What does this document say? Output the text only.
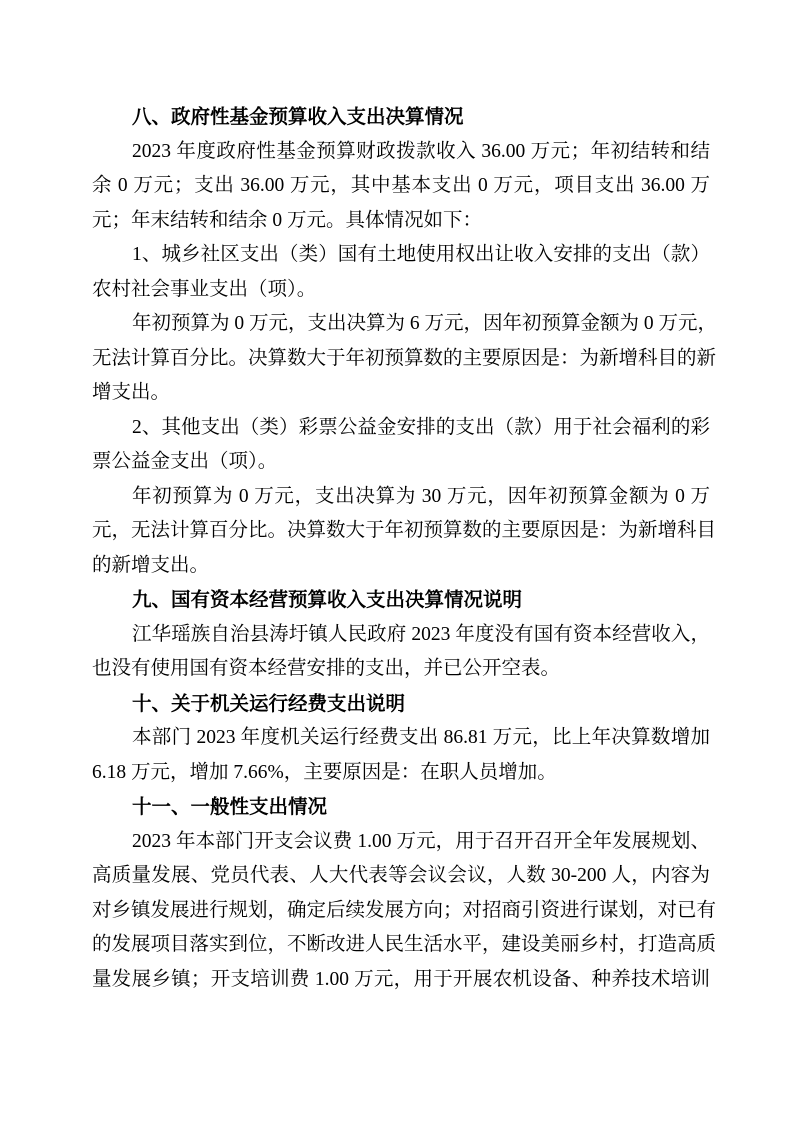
八、政府性基金预算收入支出决算情况
2023 年度政府性基金预算财政拨款收入 36.00 万元；年初结转和结
余 0 万元；支出 36.00 万元，其中基本支出 0 万元，项目支出 36.00 万
元；年末结转和结余 0 万元。具体情况如下：
1、城乡社区支出（类）国有土地使用权出让收入安排的支出（款）
农村社会事业支出（项）。
年初预算为 0 万元，支出决算为 6 万元，因年初预算金额为 0 万元，
无法计算百分比。决算数大于年初预算数的主要原因是：为新增科目的新
增支出。
2、其他支出（类）彩票公益金安排的支出（款）用于社会福利的彩
票公益金支出（项）。
年初预算为 0 万元，支出决算为 30 万元，因年初预算金额为 0 万
元，无法计算百分比。决算数大于年初预算数的主要原因是：为新增科目
的新增支出。
九、国有资本经营预算收入支出决算情况说明
江华瑶族自治县涛圩镇人民政府 2023 年度没有国有资本经营收入，
也没有使用国有资本经营安排的支出，并已公开空表。
十、关于机关运行经费支出说明
本部门 2023 年度机关运行经费支出 86.81 万元，比上年决算数增加
6.18 万元，增加 7.66%，主要原因是：在职人员增加。
十一、一般性支出情况
2023 年本部门开支会议费 1.00 万元，用于召开召开全年发展规划、
高质量发展、党员代表、人大代表等会议会议，人数 30-200 人，内容为
对乡镇发展进行规划，确定后续发展方向；对招商引资进行谋划，对已有
的发展项目落实到位，不断改进人民生活水平，建设美丽乡村，打造高质
量发展乡镇；开支培训费 1.00 万元，用于开展农机设备、种养技术培训
